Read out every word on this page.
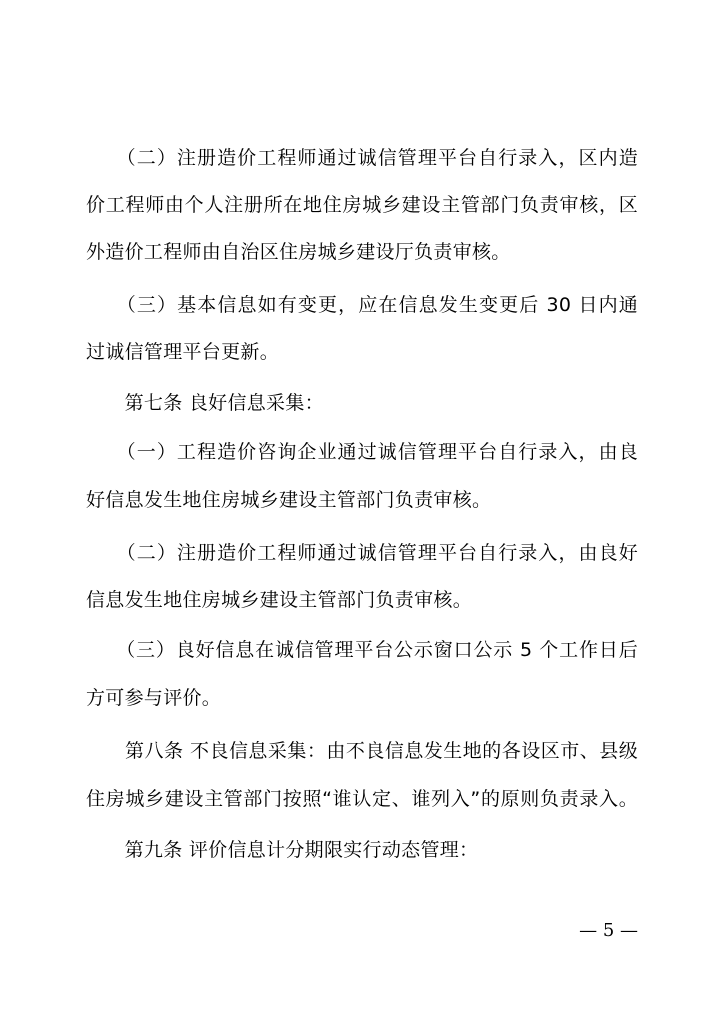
　　（二）注册造价工程师通过诚信管理平台自行录入，区内造
价工程师由个人注册所在地住房城乡建设主管部门负责审核，区
外造价工程师由自治区住房城乡建设厅负责审核。
　　（三）基本信息如有变更，应在信息发生变更后 30 日内通
过诚信管理平台更新。
　　第七条 良好信息采集：
　　（一）工程造价咨询企业通过诚信管理平台自行录入，由良
好信息发生地住房城乡建设主管部门负责审核。
　　（二）注册造价工程师通过诚信管理平台自行录入，由良好
信息发生地住房城乡建设主管部门负责审核。
　　（三）良好信息在诚信管理平台公示窗口公示 5 个工作日后
方可参与评价。
　　第八条 不良信息采集：由不良信息发生地的各设区市、县级
住房城乡建设主管部门按照“谁认定、谁列入”的原则负责录入。
　　第九条 评价信息计分期限实行动态管理：
— 5 —
